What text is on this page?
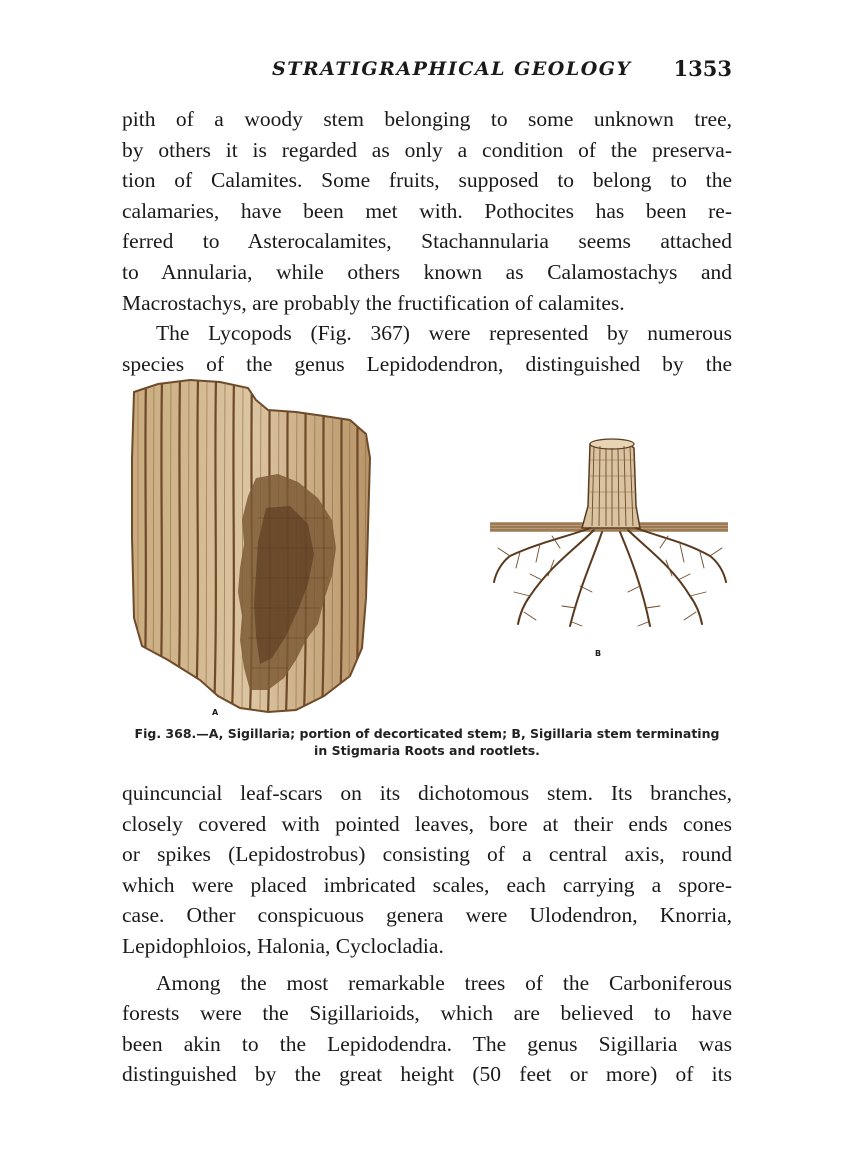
STRATIGRAPHICAL GEOLOGY 1353

pith of a woody stem belonging to some unknown tree,

by others it is regarded as only a condition of the preserva-

tion of Calamites. Some fruits, supposed to belong to the

calamaries, have been met with. Pothocites has been re-

ferred to Asterocalamites, Stachannularia seems attached

to Annularia, while others known as Calamostachys and

Macrostachys, are probably the fructification of calamites.

The Lycopods (Fig. 367) were represented by numerous

species of the genus Lepidodendron, distinguished by the

A
B
Fig. 368.—A, Sigillaria; portion of decorticated stem; B, Sigillaria stem terminating
in Stigmaria Roots and rootlets.

quincuncial leaf-scars on its dichotomous stem. Its branches,

closely covered with pointed leaves, bore at their ends cones

or spikes (Lepidostrobus) consisting of a central axis, round

which were placed imbricated scales, each carrying a spore-

case. Other conspicuous genera were Ulodendron, Knorria,

Lepidophloios, Halonia, Cyclocladia.

Among the most remarkable trees of the Carboniferous

forests were the Sigillarioids, which are believed to have

been akin to the Lepidodendra. The genus Sigillaria was

distinguished by the great height (50 feet or more) of its
